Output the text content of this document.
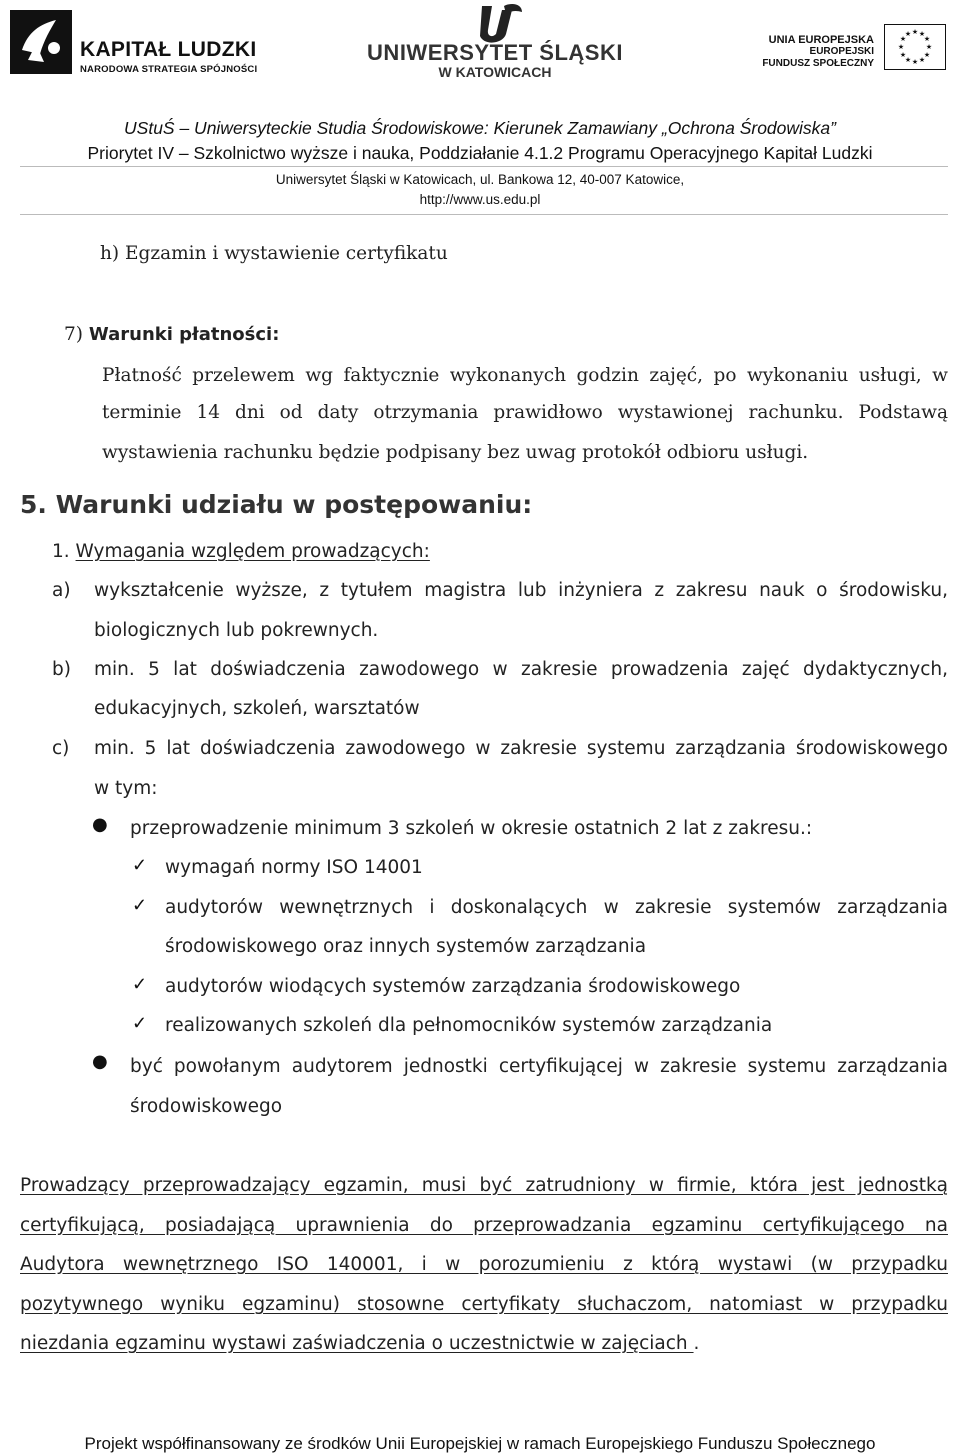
KAPITAŁ LUDZKI
NARODOWA STRATEGIA SPÓJNOŚCI
UNIWERSYTET ŚLĄSKI
W KATOWICACH
UNIA EUROPEJSKA
EUROPEJSKI
FUNDUSZ SPOŁECZNY
★ ★
★
★
★
★
★
★
★
★
★
★
UStuŚ – Uniwersyteckie Studia Środowiskowe: Kierunek Zamawiany „Ochrona Środowiska”
Priorytet IV – Szkolnictwo wyższe i nauka, Poddziałanie 4.1.2 Programu Operacyjnego Kapitał Ludzki
Uniwersytet Śląski w Katowicach, ul. Bankowa 12, 40-007 Katowice,
http://www.us.edu.pl
h) Egzamin i wystawienie certyfikatu
7) Warunki płatności:
Płatność przelewem wg faktycznie wykonanych godzin zajęć, po wykonaniu usługi, w
terminie 14 dni od daty otrzymania prawidłowo wystawionej rachunku. Podstawą
wystawienia rachunku będzie podpisany bez uwag protokół odbioru usługi.
5. Warunki udziału w postępowaniu:
1. Wymagania względem prowadzących:
a) wykształcenie wyższe, z tytułem magistra lub inżyniera z zakresu nauk o środowisku,
biologicznych lub pokrewnych.
b) min. 5 lat doświadczenia zawodowego w zakresie prowadzenia zajęć dydaktycznych,
edukacyjnych, szkoleń, warsztatów
c) min. 5 lat doświadczenia zawodowego w zakresie systemu zarządzania środowiskowego
w tym:
● przeprowadzenie minimum 3 szkoleń w okresie ostatnich 2 lat z zakresu.:
✓ wymagań normy ISO 14001
✓ audytorów wewnętrznych i doskonalących w zakresie systemów zarządzania
środowiskowego oraz innych systemów zarządzania
✓ audytorów wiodących systemów zarządzania środowiskowego
✓ realizowanych szkoleń dla pełnomocników systemów zarządzania
● być powołanym audytorem jednostki certyfikującej w zakresie systemu zarządzania
środowiskowego
Prowadzący przeprowadzający egzamin, musi być zatrudniony w firmie, która jest jednostką
certyfikującą, posiadającą uprawnienia do przeprowadzania egzaminu certyfikującego na
Audytora wewnętrznego ISO 140001, i w porozumieniu z którą wystawi (w przypadku
pozytywnego wyniku egzaminu) stosowne certyfikaty słuchaczom, natomiast w przypadku
niezdania egzaminu wystawi zaświadczenia o uczestnictwie w zajęciach .
Projekt współfinansowany ze środków Unii Europejskiej w ramach Europejskiego Funduszu Społecznego
